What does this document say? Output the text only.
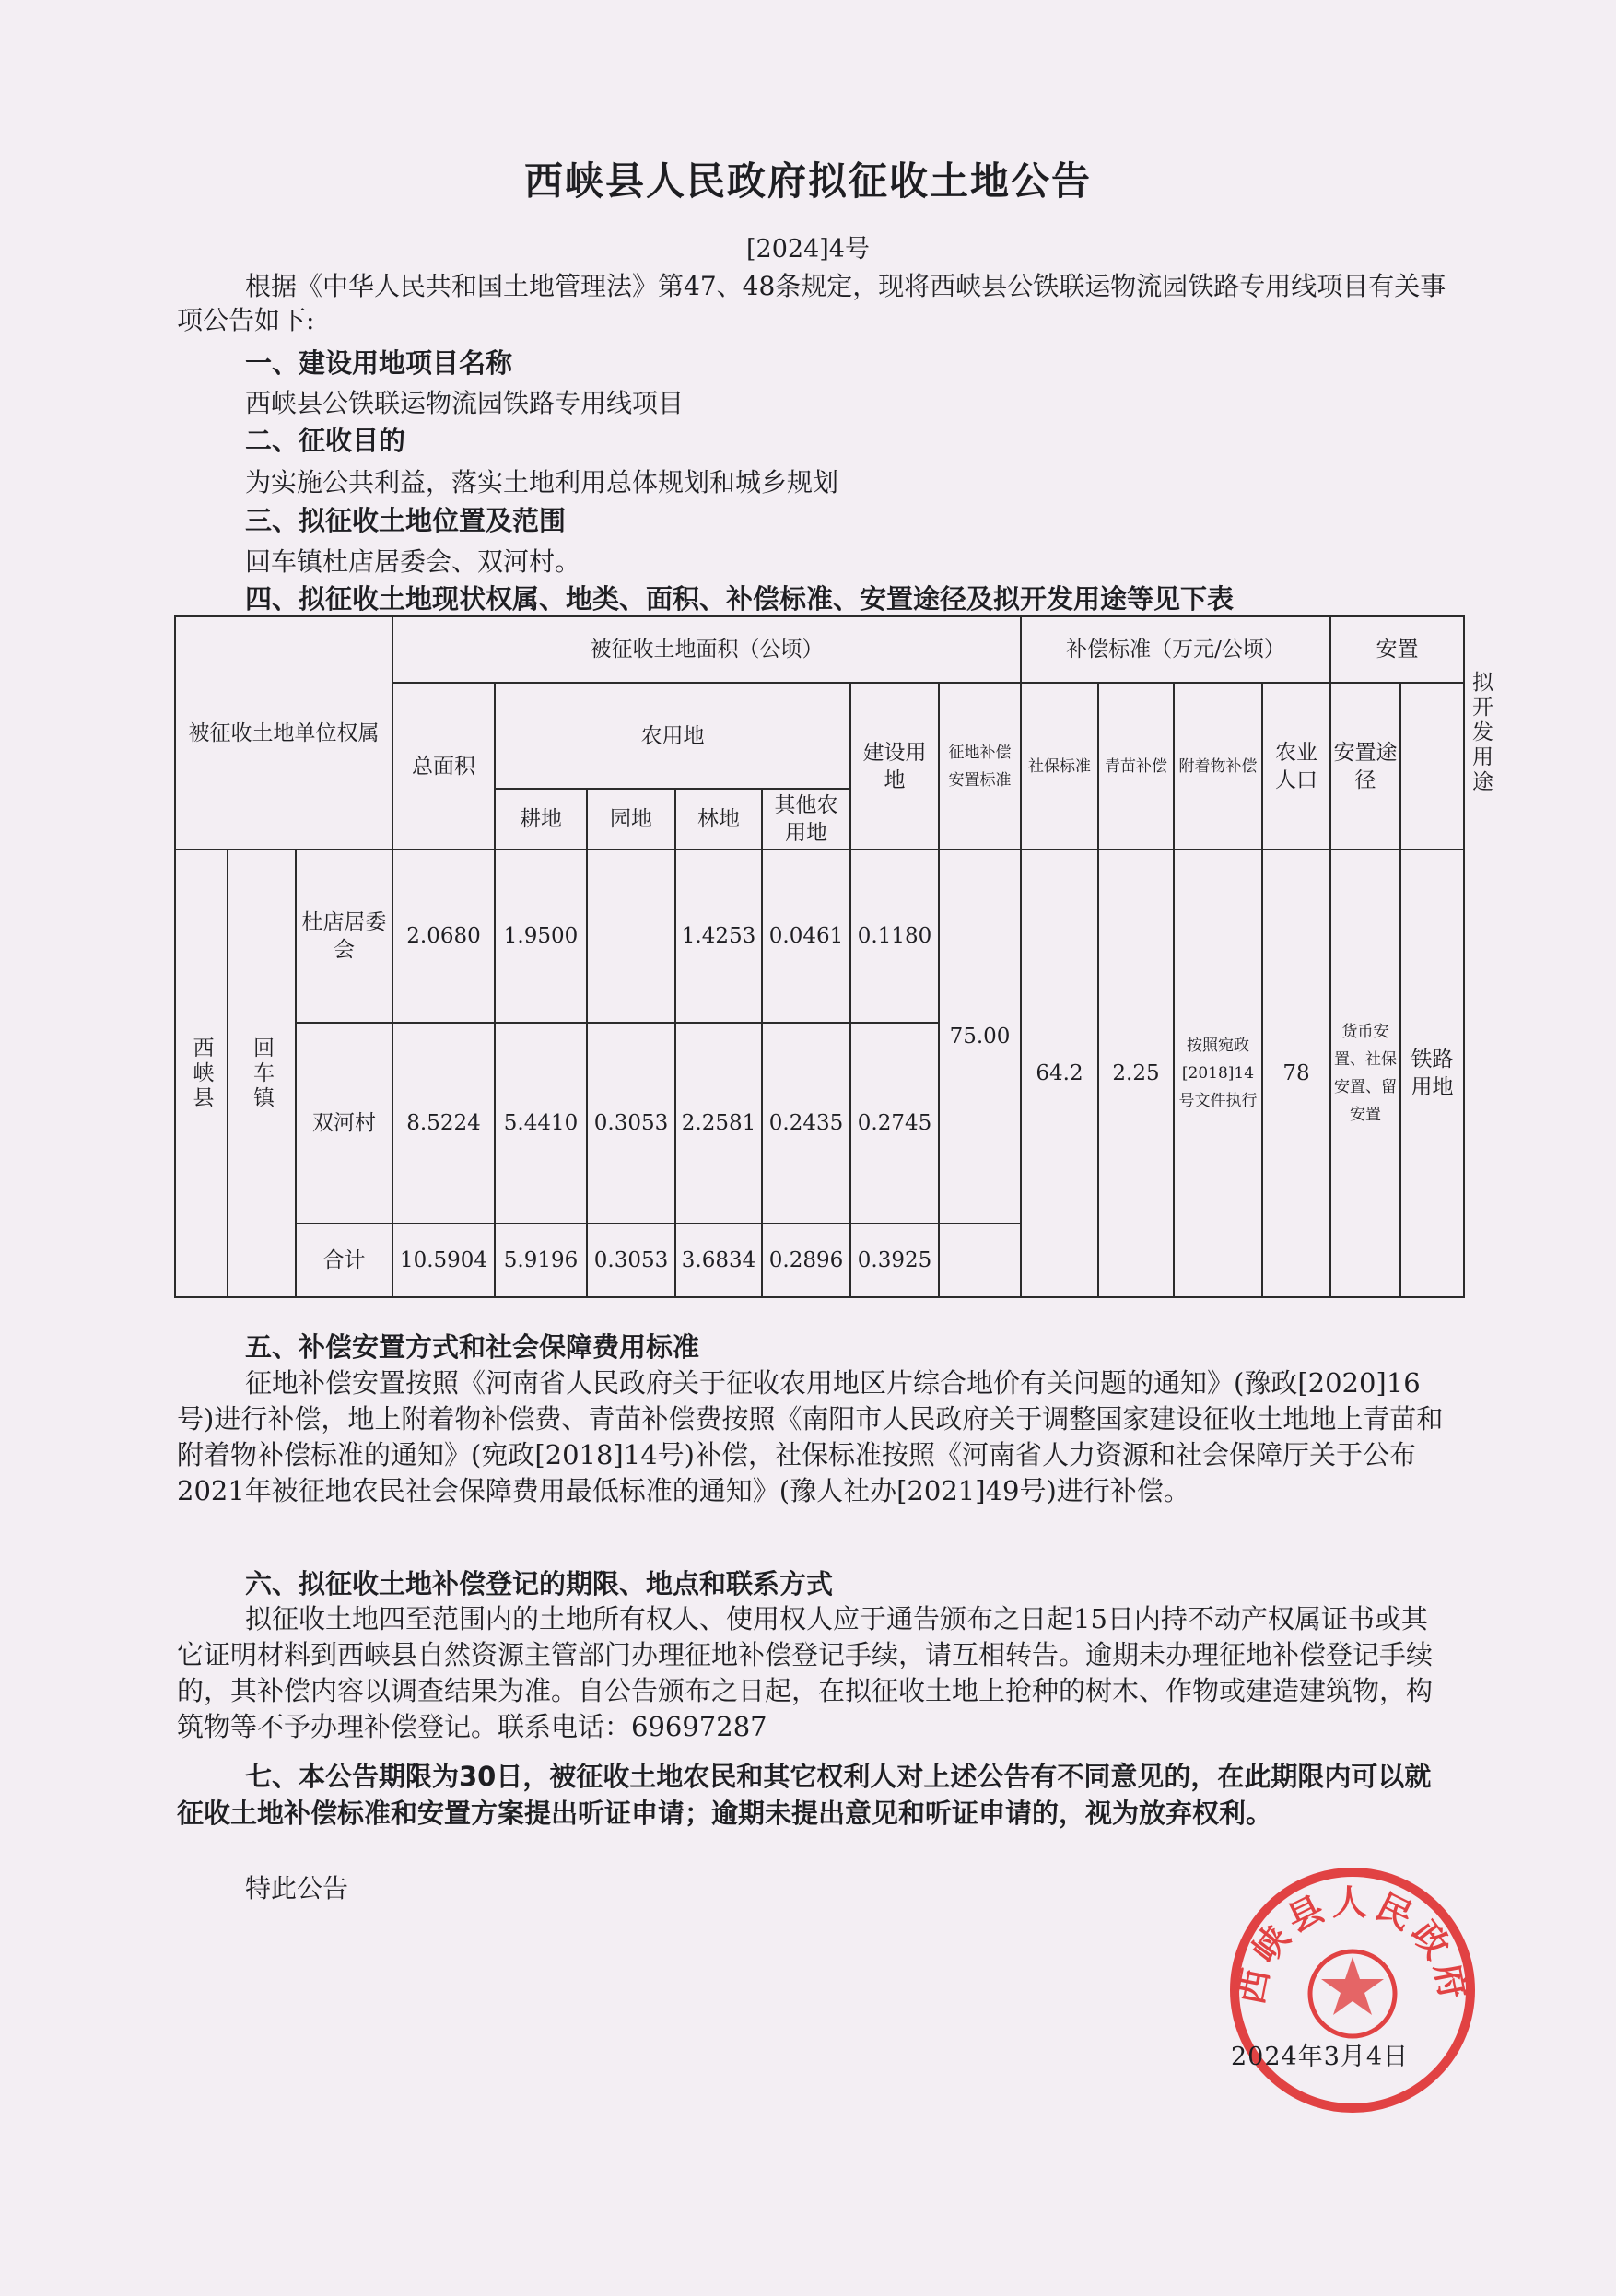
西峡县人民政府拟征收土地公告
[2024]4号

根据《中华人民共和国土地管理法》第47、48条规定，现将西峡县公铁联运物流园铁路专用线项目有关事项公告如下:

一、建设用地项目名称
西峡县公铁联运物流园铁路专用线项目
二、征收目的
为实施公共利益，落实土地利用总体规划和城乡规划
三、拟征收土地位置及范围
回车镇杜店居委会、双河村。
四、拟征收土地现状权属、地类、面积、补偿标准、安置途径及拟开发用途等见下表
被征收土地单位权属			被征收土地面积（公顷）							补偿标准（万元/公顷）				安置		拟开发用途

			总面积	农用地				建设用地	征地补偿安置标准	社保标准	青苗补偿	附着物补偿	农业人口	安置途径	
				耕地	园地	林地	其他农用地									

西峡县	回车镇	杜店居委会	2.0680	1.9500		1.4253	0.0461	0.1180	75.00	64.2	2.25	按照宛政[2018]14号文件执行	78	货币安置、社保安置、留安置	铁路用地	
		双河村	8.5224	5.4410	0.3053	2.2581	0.2435	0.2745								
		合计	10.5904	5.9196	0.3053	3.6834	0.2896	0.3925								
五、补偿安置方式和社会保障费用标准

征地补偿安置按照《河南省人民政府关于征收农用地区片综合地价有关问题的通知》(豫政[2020]16号)进行补偿，地上附着物补偿费、青苗补偿费按照《南阳市人民政府关于调整国家建设征收土地地上青苗和附着物补偿标准的通知》(宛政[2018]14号)补偿，社保标准按照《河南省人力资源和社会保障厅关于公布2021年被征地农民社会保障费用最低标准的通知》(豫人社办[2021]49号)进行补偿。

六、拟征收土地补偿登记的期限、地点和联系方式

拟征收土地四至范围内的土地所有权人、使用权人应于通告颁布之日起15日内持不动产权属证书或其它证明材料到西峡县自然资源主管部门办理征地补偿登记手续，请互相转告。逾期未办理征地补偿登记手续的，其补偿内容以调查结果为准。自公告颁布之日起，在拟征收土地上抢种的树木、作物或建造建筑物，构筑物等不予办理补偿登记。联系电话：69697287

七、本公告期限为30日，被征收土地农民和其它权利人对上述公告有不同意见的，在此期限内可以就征收土地补偿标准和安置方案提出听证申请；逾期未提出意见和听证申请的，视为放弃权利。

特此公告
西峡县人民政府
2024年3月4日
